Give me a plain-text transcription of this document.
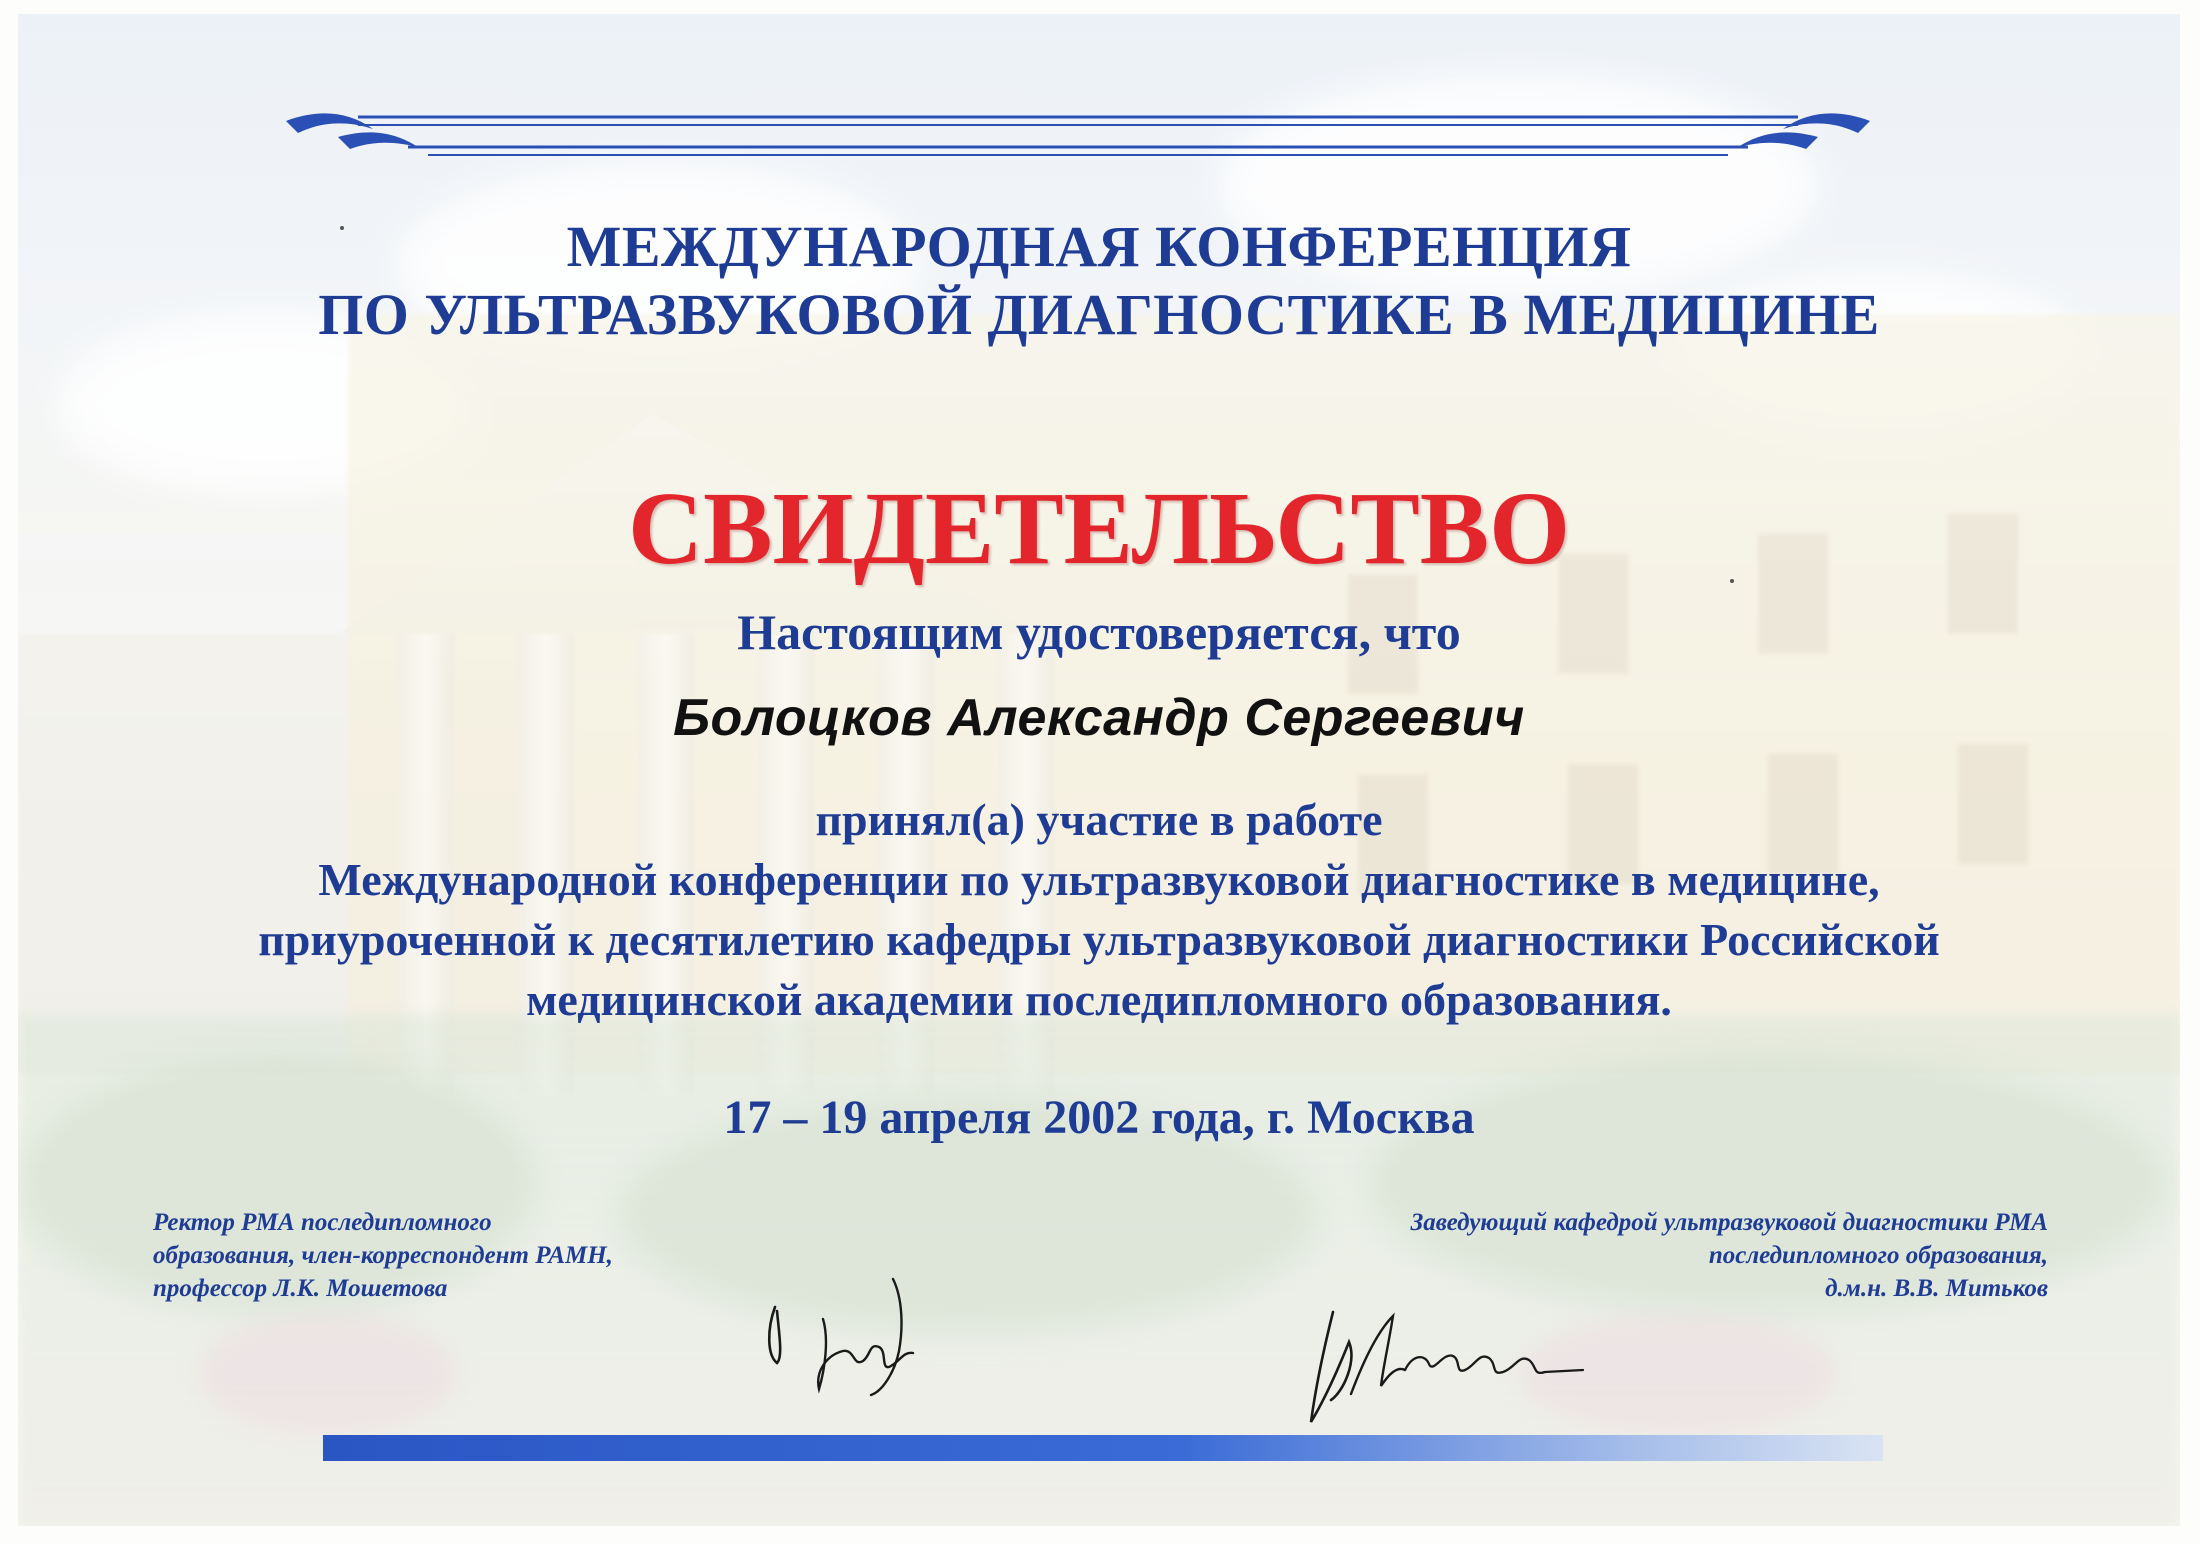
МЕЖДУНАРОДНАЯ КОНФЕРЕНЦИЯ
ПО УЛЬТРАЗВУКОВОЙ ДИАГНОСТИКЕ В МЕДИЦИНЕ
СВИДЕТЕЛЬСТВО
Настоящим удостоверяется, что
Болоцков Александр Сергеевич
принял(а) участие в работе
Международной конференции по ультразвуковой диагностике в медицине,
приуроченной к десятилетию кафедры ультразвуковой диагностики Российской
медицинской академии последипломного образования.
17 – 19 апреля 2002 года, г. Москва
Ректор РМА последипломного
образования, член-корреспондент РАМН,
профессор Л.К. Мошетова
Заведующий кафедрой ультразвуковой диагностики РМА
последипломного образования,
д.м.н. В.В. Митьков
